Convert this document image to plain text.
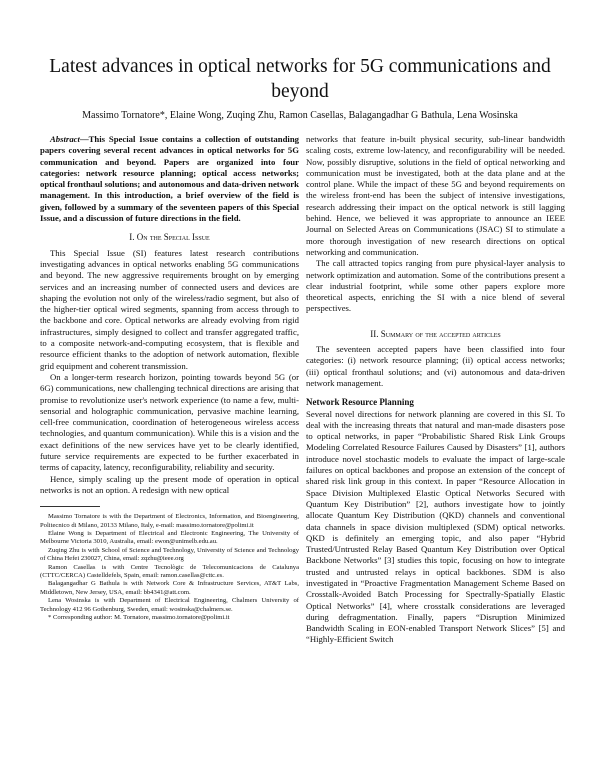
Latest advances in optical networks for 5G communications and beyond
Massimo Tornatore*, Elaine Wong, Zuqing Zhu, Ramon Casellas, Balagangadhar G Bathula, Lena Wosinska

Abstract—This Special Issue contains a collection of outstanding papers covering several recent advances in optical networks for 5G communication and beyond. Papers are organized into four categories: network resource planning; optical access networks; optical fronthaul solutions; and autonomous and data-driven network management. In this introduction, a brief overview of the field is given, followed by a summary of the seventeen papers of this Special Issue, and a discussion of future directions in the field.

I. On the Special Issue

This Special Issue (SI) features latest research contributions investigating advances in optical networks enabling 5G communications and beyond. The new aggressive requirements brought on by emerging services and an increasing number of connected users and devices are shaping the evolution not only of the wireless/radio segment, but also of the higher-tier optical wired segments, spanning from access through to the backbone and core. Optical networks are already evolving from rigid infrastructures, simply designed to collect and transfer aggregated traffic, to a composite network-and-computing ecosystem, that is flexible and resource efficient thanks to the adoption of network automation, flexible grid equipment and coherent transmission.

On a longer-term research horizon, pointing towards beyond 5G (or 6G) communications, new challenging technical directions are arising that promise to revolutionize user's network experience (to name a few, multi-sensorial and holographic communication, pervasive machine learning, cell-free communication, coordination of heterogeneous wireless access technologies, and quantum communication). While this is a vision and the exact definitions of the new services have yet to be clearly identified, future service requirements are expected to be further exacerbated in terms of capacity, latency, reconfigurability, reliability and security.

Hence, simply scaling up the present mode of operation in optical networks is not an option. A redesign with new optical

Massimo Tornatore is with the Department of Electronics, Information, and Bioengineering, Politecnico di Milano, 20133 Milano, Italy, e-mail: massimo.tornatore@polimi.it

Elaine Wong is Department of Electrical and Electronic Engineering, The University of Melbourne Victoria 3010, Australia, email: ewon@unimelb.edu.au.

Zuqing Zhu is with School of Science and Technology, University of Science and Technology of China Hefei 230027, China, email: zqzhu@ieee.org

Ramon Casellas is with Centre Tecnològic de Telecomunicacions de Catalunya (CTTC/CERCA) Castelldefels, Spain, email: ramon.casellas@cttc.es.

Balagangadhar G Bathula is with Network Core & Infrastructure Services, AT&T Labs, Middletown, New Jersey, USA, email: bb4341@att.com.

Lena Wosinska is with Department of Electrical Engineering, Chalmers University of Technology 412 96 Gothenburg, Sweden, email: wosinska@chalmers.se.

* Corresponding author: M. Tornatore, massimo.tornatore@polimi.it

networks that feature in-built physical security, sub-linear bandwidth scaling costs, extreme low-latency, and reconfigurability will be needed. Now, possibly disruptive, solutions in the field of optical networking and communication must be investigated, both at the data plane and at the control plane. While the impact of these 5G and beyond requirements on the wireless front-end has been the subject of intensive investigations, research addressing their impact on the optical network is still lagging behind. Hence, we believed it was appropriate to announce an IEEE Journal on Selected Areas on Communications (JSAC) SI to stimulate a more thorough investigation of new research directions on optical networking and communication.

The call attracted topics ranging from pure physical-layer analysis to network optimization and automation. Some of the contributions present a clear industrial footprint, while some other papers explore more theoretical aspects, enriching the SI with a nice blend of several perspectives.

II. Summary of the accepted articles

The seventeen accepted papers have been classified into four categories: (i) network resource planning; (ii) optical access networks; (iii) optical fronthaul solutions; and (vi) autonomous and data-driven network management.

Network Resource Planning

Several novel directions for network planning are covered in this SI. To deal with the increasing threats that natural and man-made disasters pose to optical networks, in paper “Probabilistic Shared Risk Link Groups Modeling Correlated Resource Failures Caused by Disasters” [1], authors introduce novel stochastic models to evaluate the impact of large-scale failures on optical backbones and propose an extension of the concept of shared risk link group in this context. In paper “Resource Allocation in Space Division Multiplexed Elastic Optical Networks Secured with Quantum Key Distribution” [2], authors investigate how to jointly allocate Quantum Key Distribution (QKD) channels and conventional data channels in space division multiplexed (SDM) optical networks. QKD is definitely an emerging topic, and also paper “Hybrid Trusted/Untrusted Relay Based Quantum Key Distribution over Optical Backbone Networks” [3] studies this topic, focusing on how to integrate trusted and untrusted relays in optical backbones. SDM is also investigated in “Proactive Fragmentation Management Scheme Based on Crosstalk-Avoided Batch Processing for Spectrally-Spatially Elastic Optical Networks” [4], where crosstalk considerations are leveraged during defragmentation. Finally, papers “Disruption Minimized Bandwidth Scaling in EON-enabled Transport Network Slices” [5] and “Highly-Efficient Switch
